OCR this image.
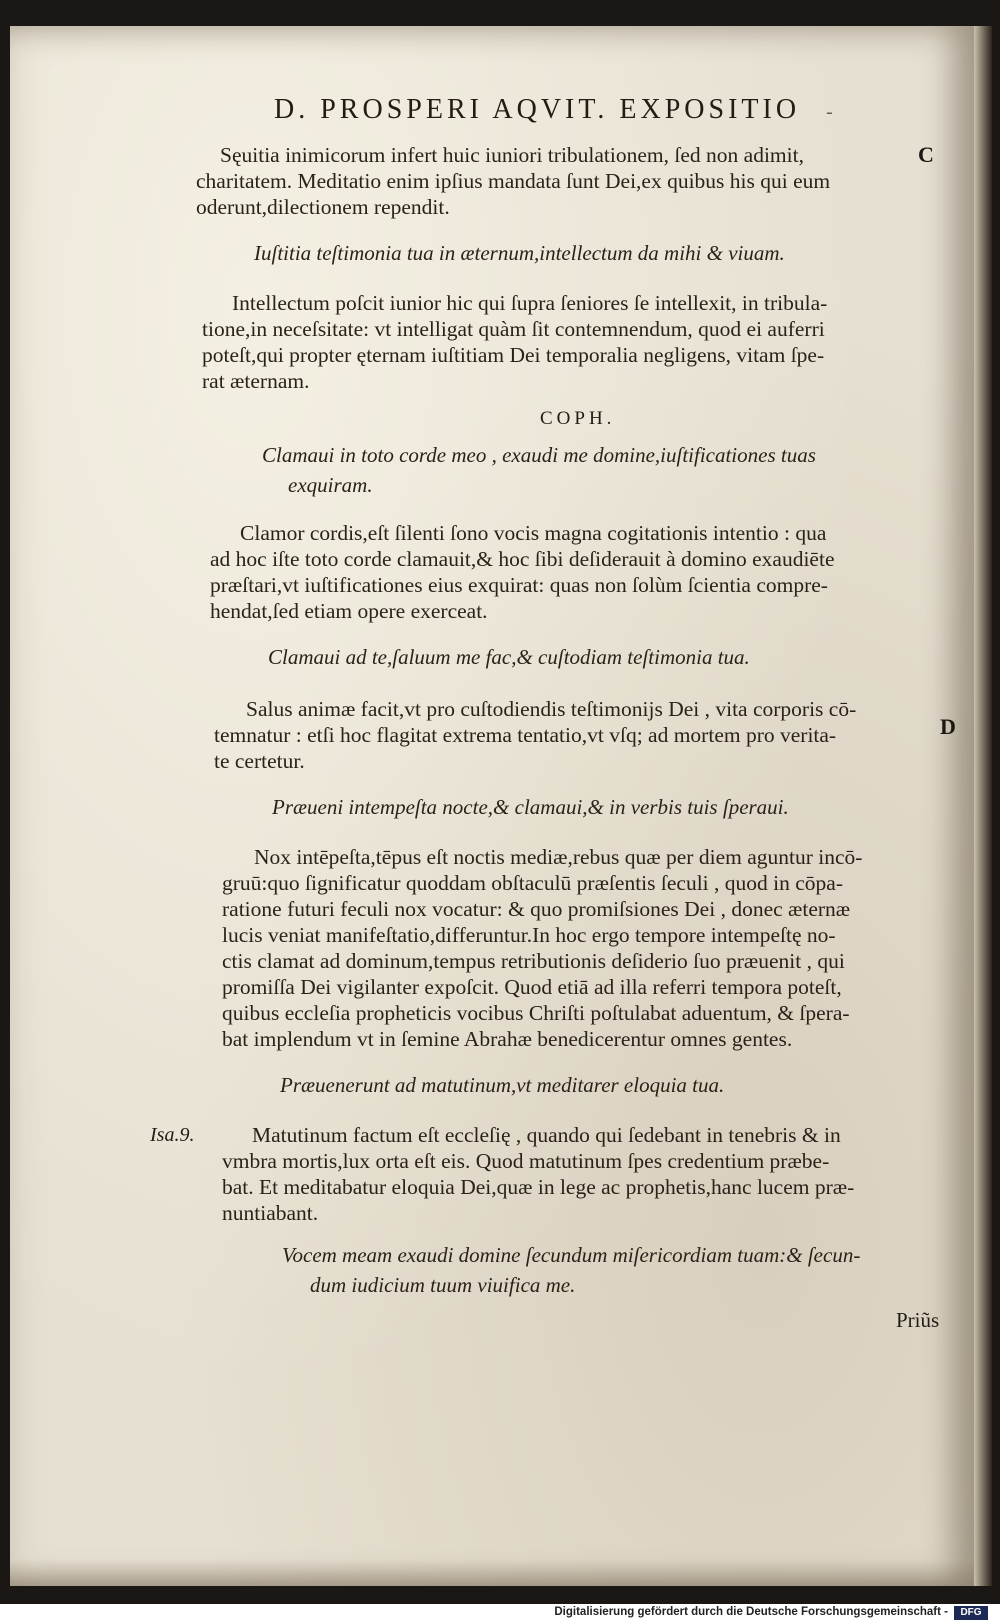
D. PROSPERI AQVIT. EXPOSITIO -
C
D
Isa.9.
Sęuitia inimicorum infert huic iuniori tribulationem, ſed non adimit,
charitatem. Meditatio enim ipſius mandata ſunt Dei,ex quibus his qui eum
oderunt,dilectionem rependit.
Iuſtitia teſtimonia tua in æternum,intellectum da mihi & viuam.
Intellectum poſcit iunior hic qui ſupra ſeniores ſe intellexit, in tribula-
tione,in neceſsitate: vt intelligat quàm ſit contemnendum, quod ei auferri
poteſt,qui propter ęternam iuſtitiam Dei temporalia negligens, vitam ſpe-
rat æternam.
COPH.
Clamaui in toto corde meo , exaudi me domine,iuſtificationes tuas
exquiram.
Clamor cordis,eſt ſilenti ſono vocis magna cogitationis intentio : qua
ad hoc iſte toto corde clamauit,& hoc ſibi deſiderauit à domino exaudiēte
præſtari,vt iuſtificationes eius exquirat: quas non ſolùm ſcientia compre-
hendat,ſed etiam opere exerceat.
Clamaui ad te,ſaluum me fac,& cuſtodiam teſtimonia tua.
Salus animæ facit,vt pro cuſtodiendis teſtimonijs Dei , vita corporis cō-
temnatur : etſi hoc flagitat extrema tentatio,vt vſq; ad mortem pro verita-
te certetur.
Præueni intempeſta nocte,& clamaui,& in verbis tuis ſperaui.
Nox intēpeſta,tēpus eſt noctis mediæ,rebus quæ per diem aguntur incō-
gruū:quo ſignificatur quoddam obſtaculū præſentis ſeculi , quod in cōpa-
ratione futuri feculi nox vocatur: & quo promiſsiones Dei , donec æternæ
lucis veniat manifeſtatio,differuntur.In hoc ergo tempore intempeſtę no-
ctis clamat ad dominum,tempus retributionis deſiderio ſuo præuenit , qui
promiſſa Dei vigilanter expoſcit. Quod etiā ad illa referri tempora poteſt,
quibus eccleſia propheticis vocibus Chriſti poſtulabat aduentum, & ſpera-
bat implendum vt in ſemine Abrahæ benedicerentur omnes gentes.
Præuenerunt ad matutinum,vt meditarer eloquia tua.
Matutinum factum eſt eccleſię , quando qui ſedebant in tenebris & in
vmbra mortis,lux orta eſt eis. Quod matutinum ſpes credentium præbe-
bat. Et meditabatur eloquia Dei,quæ in lege ac prophetis,hanc lucem præ-
nuntiabant.
Vocem meam exaudi domine ſecundum miſericordiam tuam:& ſecun-
dum iudicium tuum viuifica me.
Priũs
Digitalisierung gefördert durch die Deutsche Forschungsgemeinschaft -	DFG
